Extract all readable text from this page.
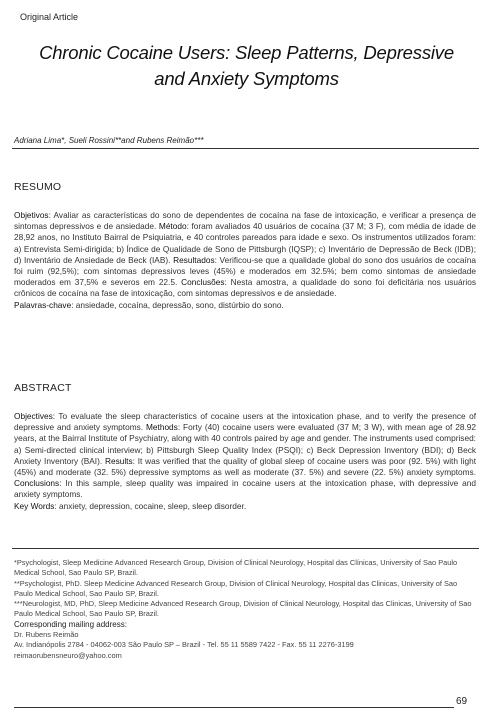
Original Article
Chronic Cocaine Users: Sleep Patterns, Depressive
and Anxiety Symptoms
Adriana Lima*, Sueli Rossini**and Rubens Reimão***
RESUMO

Objetivos: Avaliar as características do sono de dependentes de cocaína na fase de intoxicação, e verificar a presença de sintomas depressivos e de ansiedade. Método: foram avaliados 40 usuários de cocaína (37 M; 3 F), com média de idade de 28,92 anos, no Instituto Bairral de Psiquiatria, e 40 controles pareados para idade e sexo. Os instrumentos utilizados foram: a) Entrevista Semi-dirigida; b) Índice de Qualidade de Sono de Pittsburgh (IQSP); c) Inventário de Depressão de Beck (IDB); d) Inventário de Ansiedade de Beck (IAB). Resultados: Verificou-se que a qualidade global do sono dos usuários de cocaína foi ruim (92,5%); com sintomas depressivos leves (45%) e moderados em 32.5%; bem como sintomas de ansiedade moderados em 37,5% e severos em 22.5. Conclusões: Nesta amostra, a qualidade do sono foi deficitária nos usuários crônicos de cocaína na fase de intoxicação, com sintomas depressivos e de ansiedade.

Palavras-chave: ansiedade, cocaína, depressão, sono, distúrbio do sono.

ABSTRACT

Objectives: To evaluate the sleep characteristics of cocaine users at the intoxication phase, and to verify the presence of depressive and anxiety symptoms. Methods: Forty (40) cocaine users were evaluated (37 M; 3 W), with mean age of 28.92 years, at the Bairral Institute of Psychiatry, along with 40 controls paired by age and gender. The instruments used comprised: a) Semi-directed clinical interview; b) Pittsburgh Sleep Quality Index (PSQI); c) Beck Depression Inventory (BDI); d) Beck Anxiety Inventory (BAI). Results: It was verified that the quality of global sleep of cocaine users was poor (92. 5%) with light (45%) and moderate (32. 5%) depressive symptoms as well as moderate (37. 5%) and severe (22. 5%) anxiety symptoms. Conclusions: In this sample, sleep quality was impaired in cocaine users at the intoxication phase, with depressive and anxiety symptoms.

Key Words: anxiety, depression, cocaine, sleep, sleep disorder.

*Psychologist, Sleep Medicine Advanced Research Group, Division of Clinical Neurology, Hospital das Clínicas, University of Sao Paulo Medical School, Sao Paulo SP, Brazil.

**Psychologist, PhD. Sleep Medicine Advanced Research Group, Division of Clinical Neurology, Hospital das Clinicas, University of Sao Paulo Medical School, Sao Paulo SP, Brazil.

***Neurologist, MD, PhD, Sleep Medicine Advanced Research Group, Division of Clinical Neurology, Hospital das Clinicas, University of Sao Paulo Medical School, Sao Paulo SP, Brazil.

Corresponding mailing address:

Dr. Rubens Reimão

Av. Indianópolis 2784 - 04062-003 São Paulo SP – Brazil - Tel. 55 11 5589 7422 - Fax. 55 11 2276-3199

reimaorubensneuro@yahoo.com

69
